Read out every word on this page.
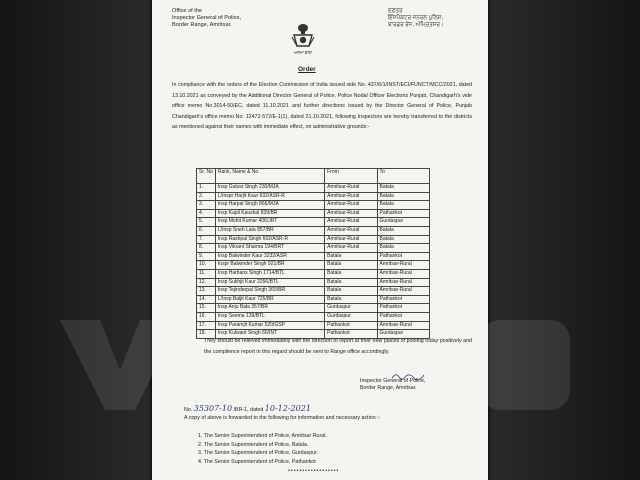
Office of the
Inspector General of Police,
Border Range, Amritsar.
ਦਫ਼ਤਰ
ਇੰਸਪੈਕਟਰ ਜਨਰਲ ਪੁਲਿਸ,
ਬਾਰਡਰ ਰੇਂਜ, ਅੰਮ੍ਰਿਤਸਰ।
ਅਜ਼ਮਾ ਬਾਥਾ
Order
In compliance with the orders of the Election Commission of India issued vide No. 437/6/1/INST/ECI/FUNCT/MCC/2021, dated 13.10.2021 as conveyed by the Additional Director General of Police, Police Nodal Officer Elections Punjab, Chandigarh's vide office memo No.3014-50/EC, dated 11.10.2021 and further directions issued by the Director General of Police, Punjab Chandigarh's office memo No. 12472-572/E-1(1), dated 21.10.2021, following Inspectors are hereby transferred to the districts as mentioned against their names with immediate effect, on administrative grounds:-
Sr. No	Rank, Name & No.	From	To
1.	Insp Gulzar Singh 230/MJA	Amritsar-Rural	Batala
2.	L/Inspr Harjit Kaur 632/ASR-R	Amritsar-Rural	Batala
3.	Insp Harpal Singh 866/MJA	Amritsar-Rural	Batala
4.	Insp Kapil Kaushal 839/BR	Amritsar-Rural	Pathankot
5.	Insp Mohit Kumar 406/JRT	Amritsar-Rural	Gurdaspur
6.	L/Insp Sneh Lata 857/BR	Amritsar-Rural	Batala
7.	Insp Rashpal Singh 602/ASR-R	Amritsar-Rural	Batala
8.	Insp Vikrant Sharma 194/BRT	Amritsar-Rural	Batala
9.	Insp Balwinder Kaur 3232/ASR	Batala	Pathankot
10.	Inspr Balwinder Singh 921/BR	Batala	Amritsar-Rural
11.	Insp Harbans Singh 1714/BTL	Batala	Amritsar-Rural
12.	Insp Sukhjit Kaur 2256/BTL	Batala	Amritsar-Rural
13.	Insp Tejinderpal Singh 365/BR	Batala	Amritsar-Rural
14.	L/Insp Baljit Kaur 725/BR	Batala	Pathankot
15.	Insp Anju Bala 357/BR	Gurdaspur	Pathankot
16.	Insp Seema 139/BTL	Gurdaspur	Pathankot
17.	Insp Paramjit Kumar 520/GSP	Pathankot	Amritsar-Rural
18.	Insp Kulwant Singh 66/INT	Pathankot	Gurdaspur
They should be relieved immediately with the direction to report at their new places of posting today positively and the complience report in this regard should be sent to Range office accordingly.
Inspector General of Police,
Border Range, Amritsar.
No. 35307-10 /BR-1, dated 10-12-2021
A copy of above is forwarded to the following for information and necessary action :-
1. The Senior Superintendent of Police, Amritsar Rural.
2. The Senior Superintendent of Police, Batala.
3. The Senior Superintendent of Police, Gurdaspur.
4. The Senior Superintendent of Police, Pathankot
••••••••••••••••••
